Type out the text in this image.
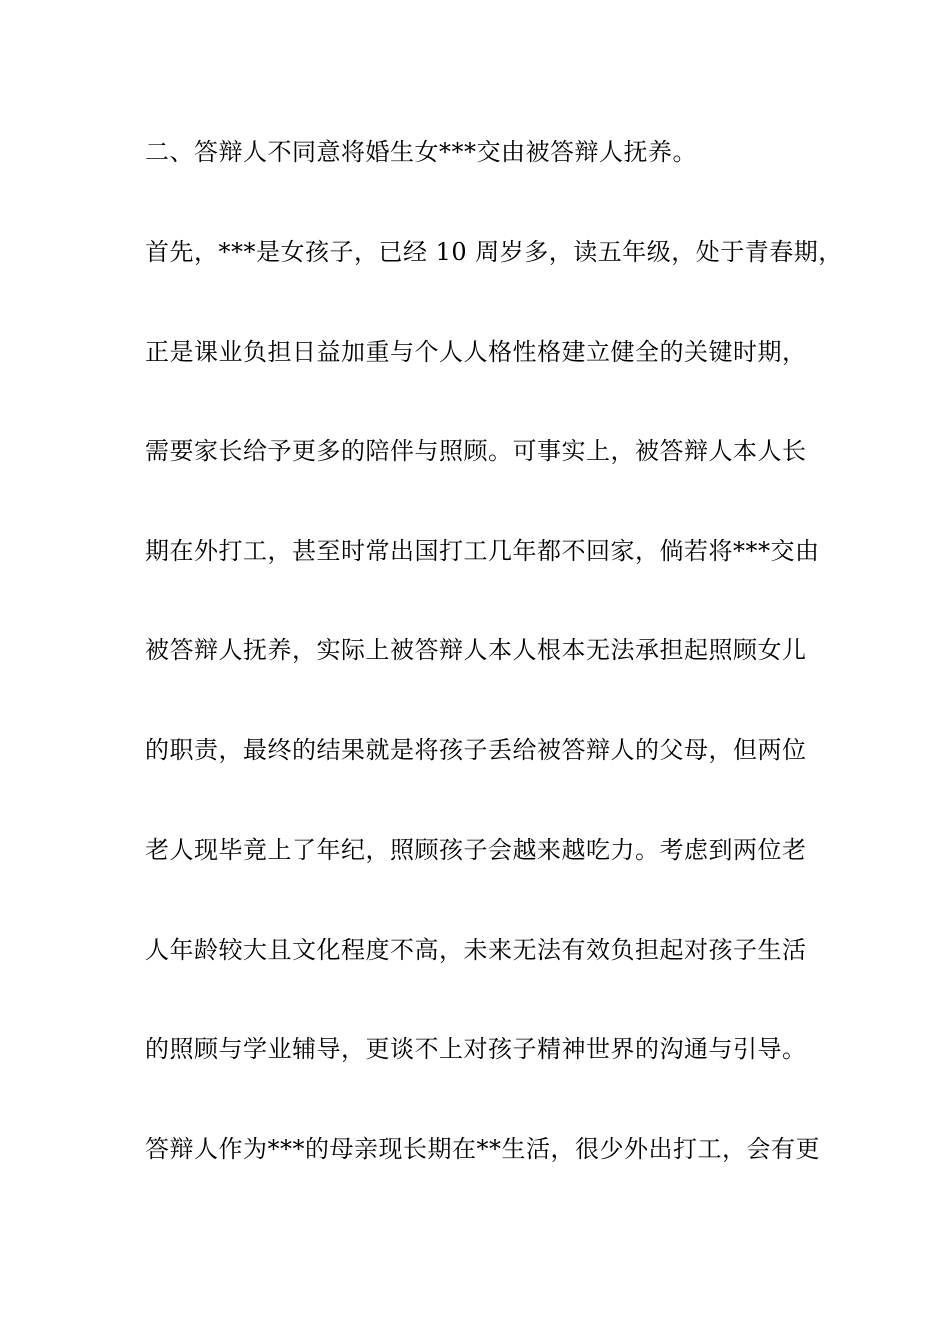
二、答辩人不同意将婚生女***交由被答辩人抚养。
首先，***是女孩子，已经 10 周岁多，读五年级，处于青春期，
正是课业负担日益加重与个人人格性格建立健全的关键时期，
需要家长给予更多的陪伴与照顾。可事实上，被答辩人本人长
期在外打工，甚至时常出国打工几年都不回家，倘若将***交由
被答辩人抚养，实际上被答辩人本人根本无法承担起照顾女儿
的职责，最终的结果就是将孩子丢给被答辩人的父母，但两位
老人现毕竟上了年纪，照顾孩子会越来越吃力。考虑到两位老
人年龄较大且文化程度不高，未来无法有效负担起对孩子生活
的照顾与学业辅导，更谈不上对孩子精神世界的沟通与引导。
答辩人作为***的母亲现长期在**生活，很少外出打工，会有更
